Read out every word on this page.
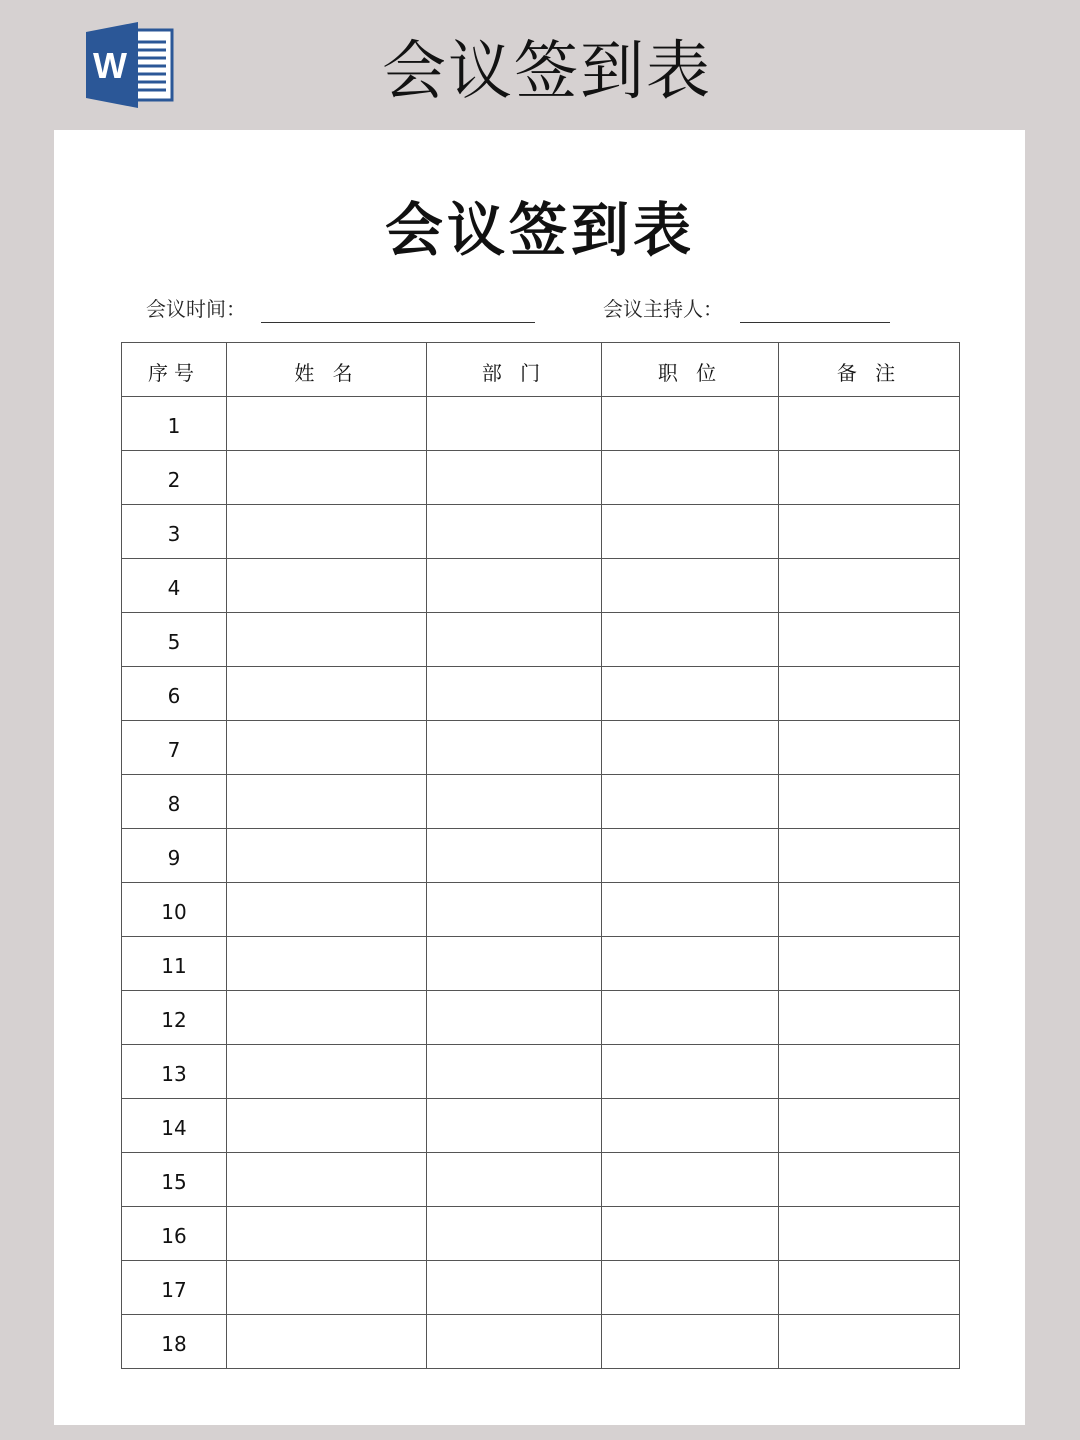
W	会议签到表
会议签到表
会议时间：	会议主持人：
序号	姓 名	部 门	职 位	备 注
1				
2				
3				
4				
5				
6				
7				
8				
9				
10				
11				
12				
13				
14				
15				
16				
17				
18				
